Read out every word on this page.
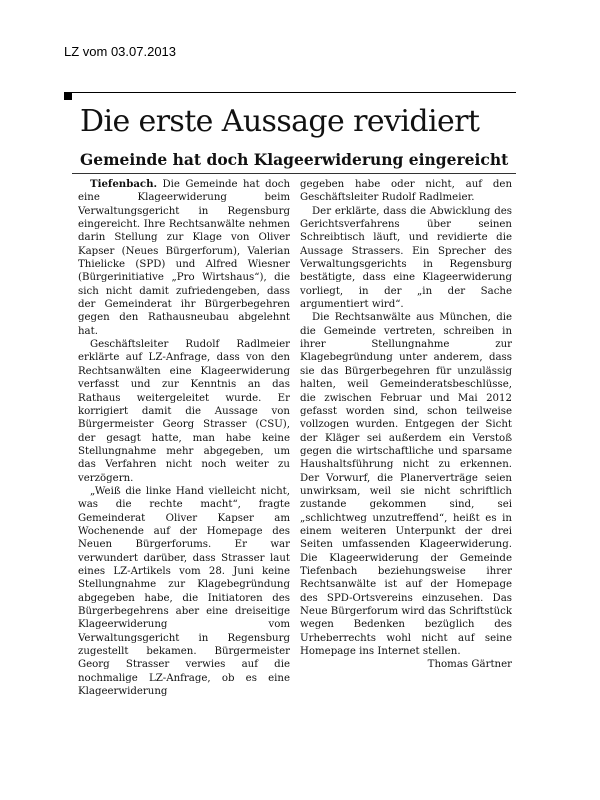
LZ vom 03.07.2013
Die erste Aussage revidiert
Gemeinde hat doch Klageerwiderung eingereicht

Tiefenbach. Die Gemeinde hat doch eine Klageerwiderung beim Verwaltungsgericht in Regensburg eingereicht. Ihre Rechtsanwälte nehmen darin Stellung zur Klage von Oliver Kapser (Neues Bürgerforum), Valerian Thielicke (SPD) und Alfred Wiesner (Bürgerinitiative „Pro Wirtshaus“), die sich nicht damit zufriedengeben, dass der Gemeinderat ihr Bürgerbegehren gegen den Rathausneubau abgelehnt hat.

Geschäftsleiter Rudolf Radlmeier erklärte auf LZ-Anfrage, dass von den Rechtsanwälten eine Klageerwiderung verfasst und zur Kenntnis an das Rathaus weitergeleitet wurde. Er korrigiert damit die Aussage von Bürgermeister Georg Strasser (CSU), der gesagt hatte, man habe keine Stellungnahme mehr abgegeben, um das Verfahren nicht noch weiter zu verzögern.

„Weiß die linke Hand vielleicht nicht, was die rechte macht“, fragte Gemeinderat Oliver Kapser am Wochenende auf der Homepage des Neuen Bürgerforums. Er war verwundert darüber, dass Strasser laut eines LZ-Artikels vom 28. Juni keine Stellungnahme zur Klagebegründung abgegeben habe, die Initiatoren des Bürgerbegehrens aber eine dreiseitige Klageerwiderung vom Verwaltungsgericht in Regensburg zugestellt bekamen. Bürgermeister Georg Strasser verwies auf die nochmalige LZ-Anfrage, ob es eine Klageerwiderung

gegeben habe oder nicht, auf den Geschäftsleiter Rudolf Radlmeier.

Der erklärte, dass die Abwicklung des Gerichtsverfahrens über seinen Schreibtisch läuft, und revidierte die Aussage Strassers. Ein Sprecher des Verwaltungsgerichts in Regensburg bestätigte, dass eine Klageerwiderung vorliegt, in der „in der Sache argumentiert wird“.

Die Rechtsanwälte aus München, die die Gemeinde vertreten, schreiben in ihrer Stellungnahme zur Klagebegründung unter anderem, dass sie das Bürgerbegehren für unzulässig halten, weil Gemeinderatsbeschlüsse, die zwischen Februar und Mai 2012 gefasst worden sind, schon teilweise vollzogen wurden. Entgegen der Sicht der Kläger sei außerdem ein Verstoß gegen die wirtschaftliche und sparsame Haushaltsführung nicht zu erkennen. Der Vorwurf, die Planerverträge seien unwirksam, weil sie nicht schriftlich zustande gekommen sind, sei „schlichtweg unzutreffend“, heißt es in einem weiteren Unterpunkt der drei Seiten umfassenden Klageerwiderung. Die Klageerwiderung der Gemeinde Tiefenbach beziehungsweise ihrer Rechtsanwälte ist auf der Homepage des SPD-Ortsvereins einzusehen. Das Neue Bürgerforum wird das Schriftstück wegen Bedenken bezüglich des Urheberrechts wohl nicht auf seine Homepage ins Internet stellen.

Thomas Gärtner
